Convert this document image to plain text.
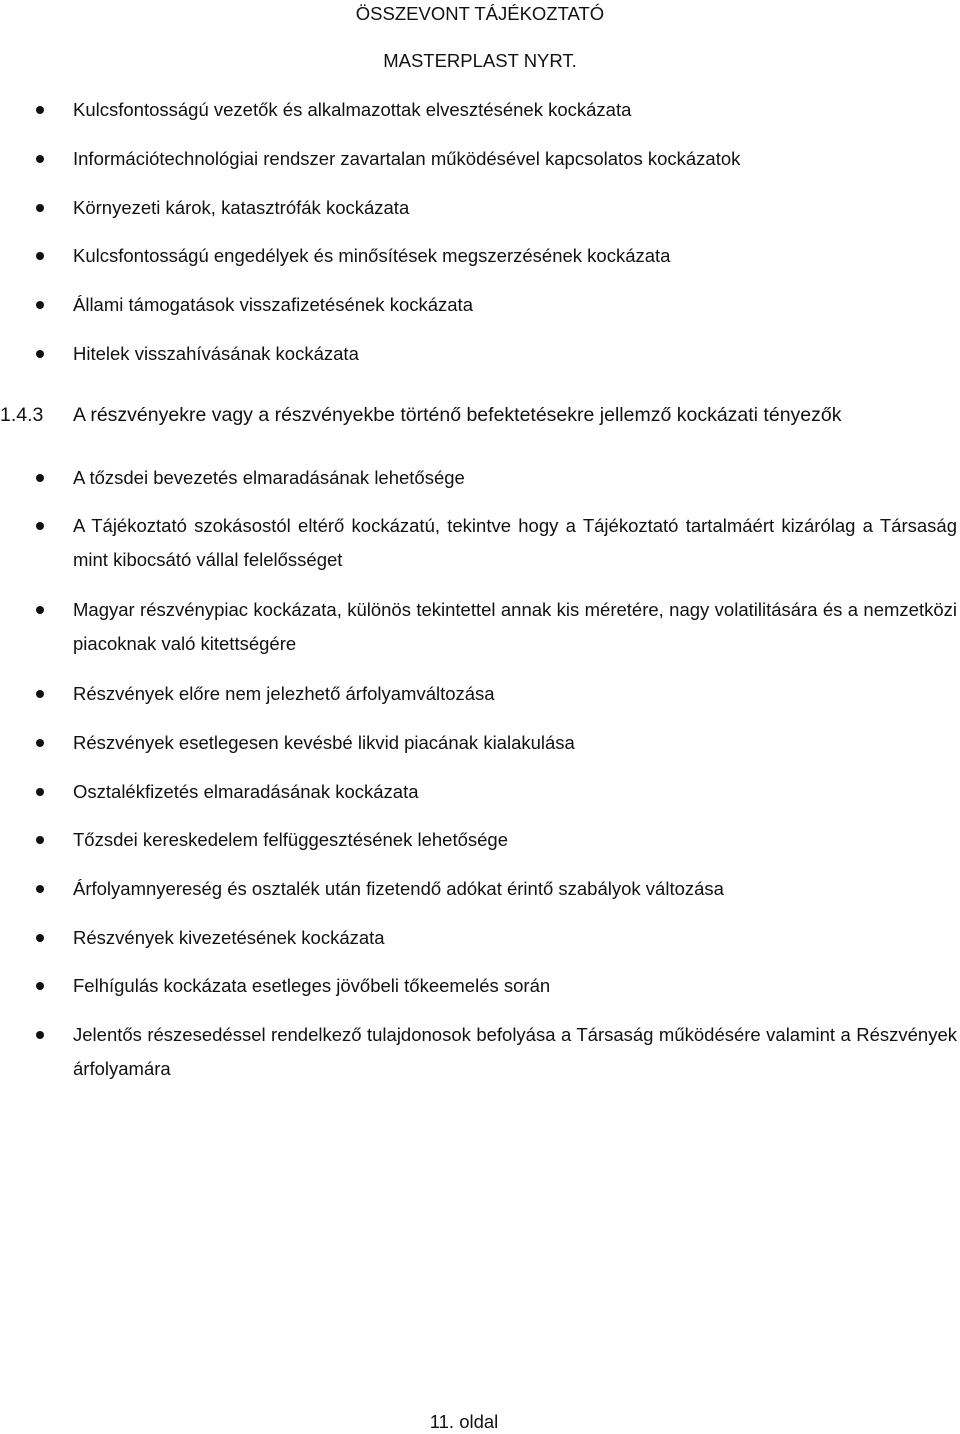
ÖSSZEVONT TÁJÉKOZTATÓ
MASTERPLAST NYRT.
Kulcsfontosságú vezetők és alkalmazottak elvesztésének kockázata
Információtechnológiai rendszer zavartalan működésével kapcsolatos kockázatok
Környezeti károk, katasztrófák kockázata
Kulcsfontosságú engedélyek és minősítések megszerzésének kockázata
Állami támogatások visszafizetésének kockázata
Hitelek visszahívásának kockázata
1.4.3 A részvényekre vagy a részvényekbe történő befektetésekre jellemző kockázati tényezők
A tőzsdei bevezetés elmaradásának lehetősége
A Tájékoztató szokásostól eltérő kockázatú, tekintve hogy a Tájékoztató tartalmáért kizárólag a Társaság mint kibocsátó vállal felelősséget
Magyar részvénypiac kockázata, különös tekintettel annak kis méretére, nagy volatilitására és a nemzetközi piacoknak való kitettségére
Részvények előre nem jelezhető árfolyamváltozása
Részvények esetlegesen kevésbé likvid piacának kialakulása
Osztalékfizetés elmaradásának kockázata
Tőzsdei kereskedelem felfüggesztésének lehetősége
Árfolyamnyereség és osztalék után fizetendő adókat érintő szabályok változása
Részvények kivezetésének kockázata
Felhígulás kockázata esetleges jövőbeli tőkeemelés során
Jelentős részesedéssel rendelkező tulajdonosok befolyása a Társaság működésére valamint a Részvények árfolyamára
11. oldal
